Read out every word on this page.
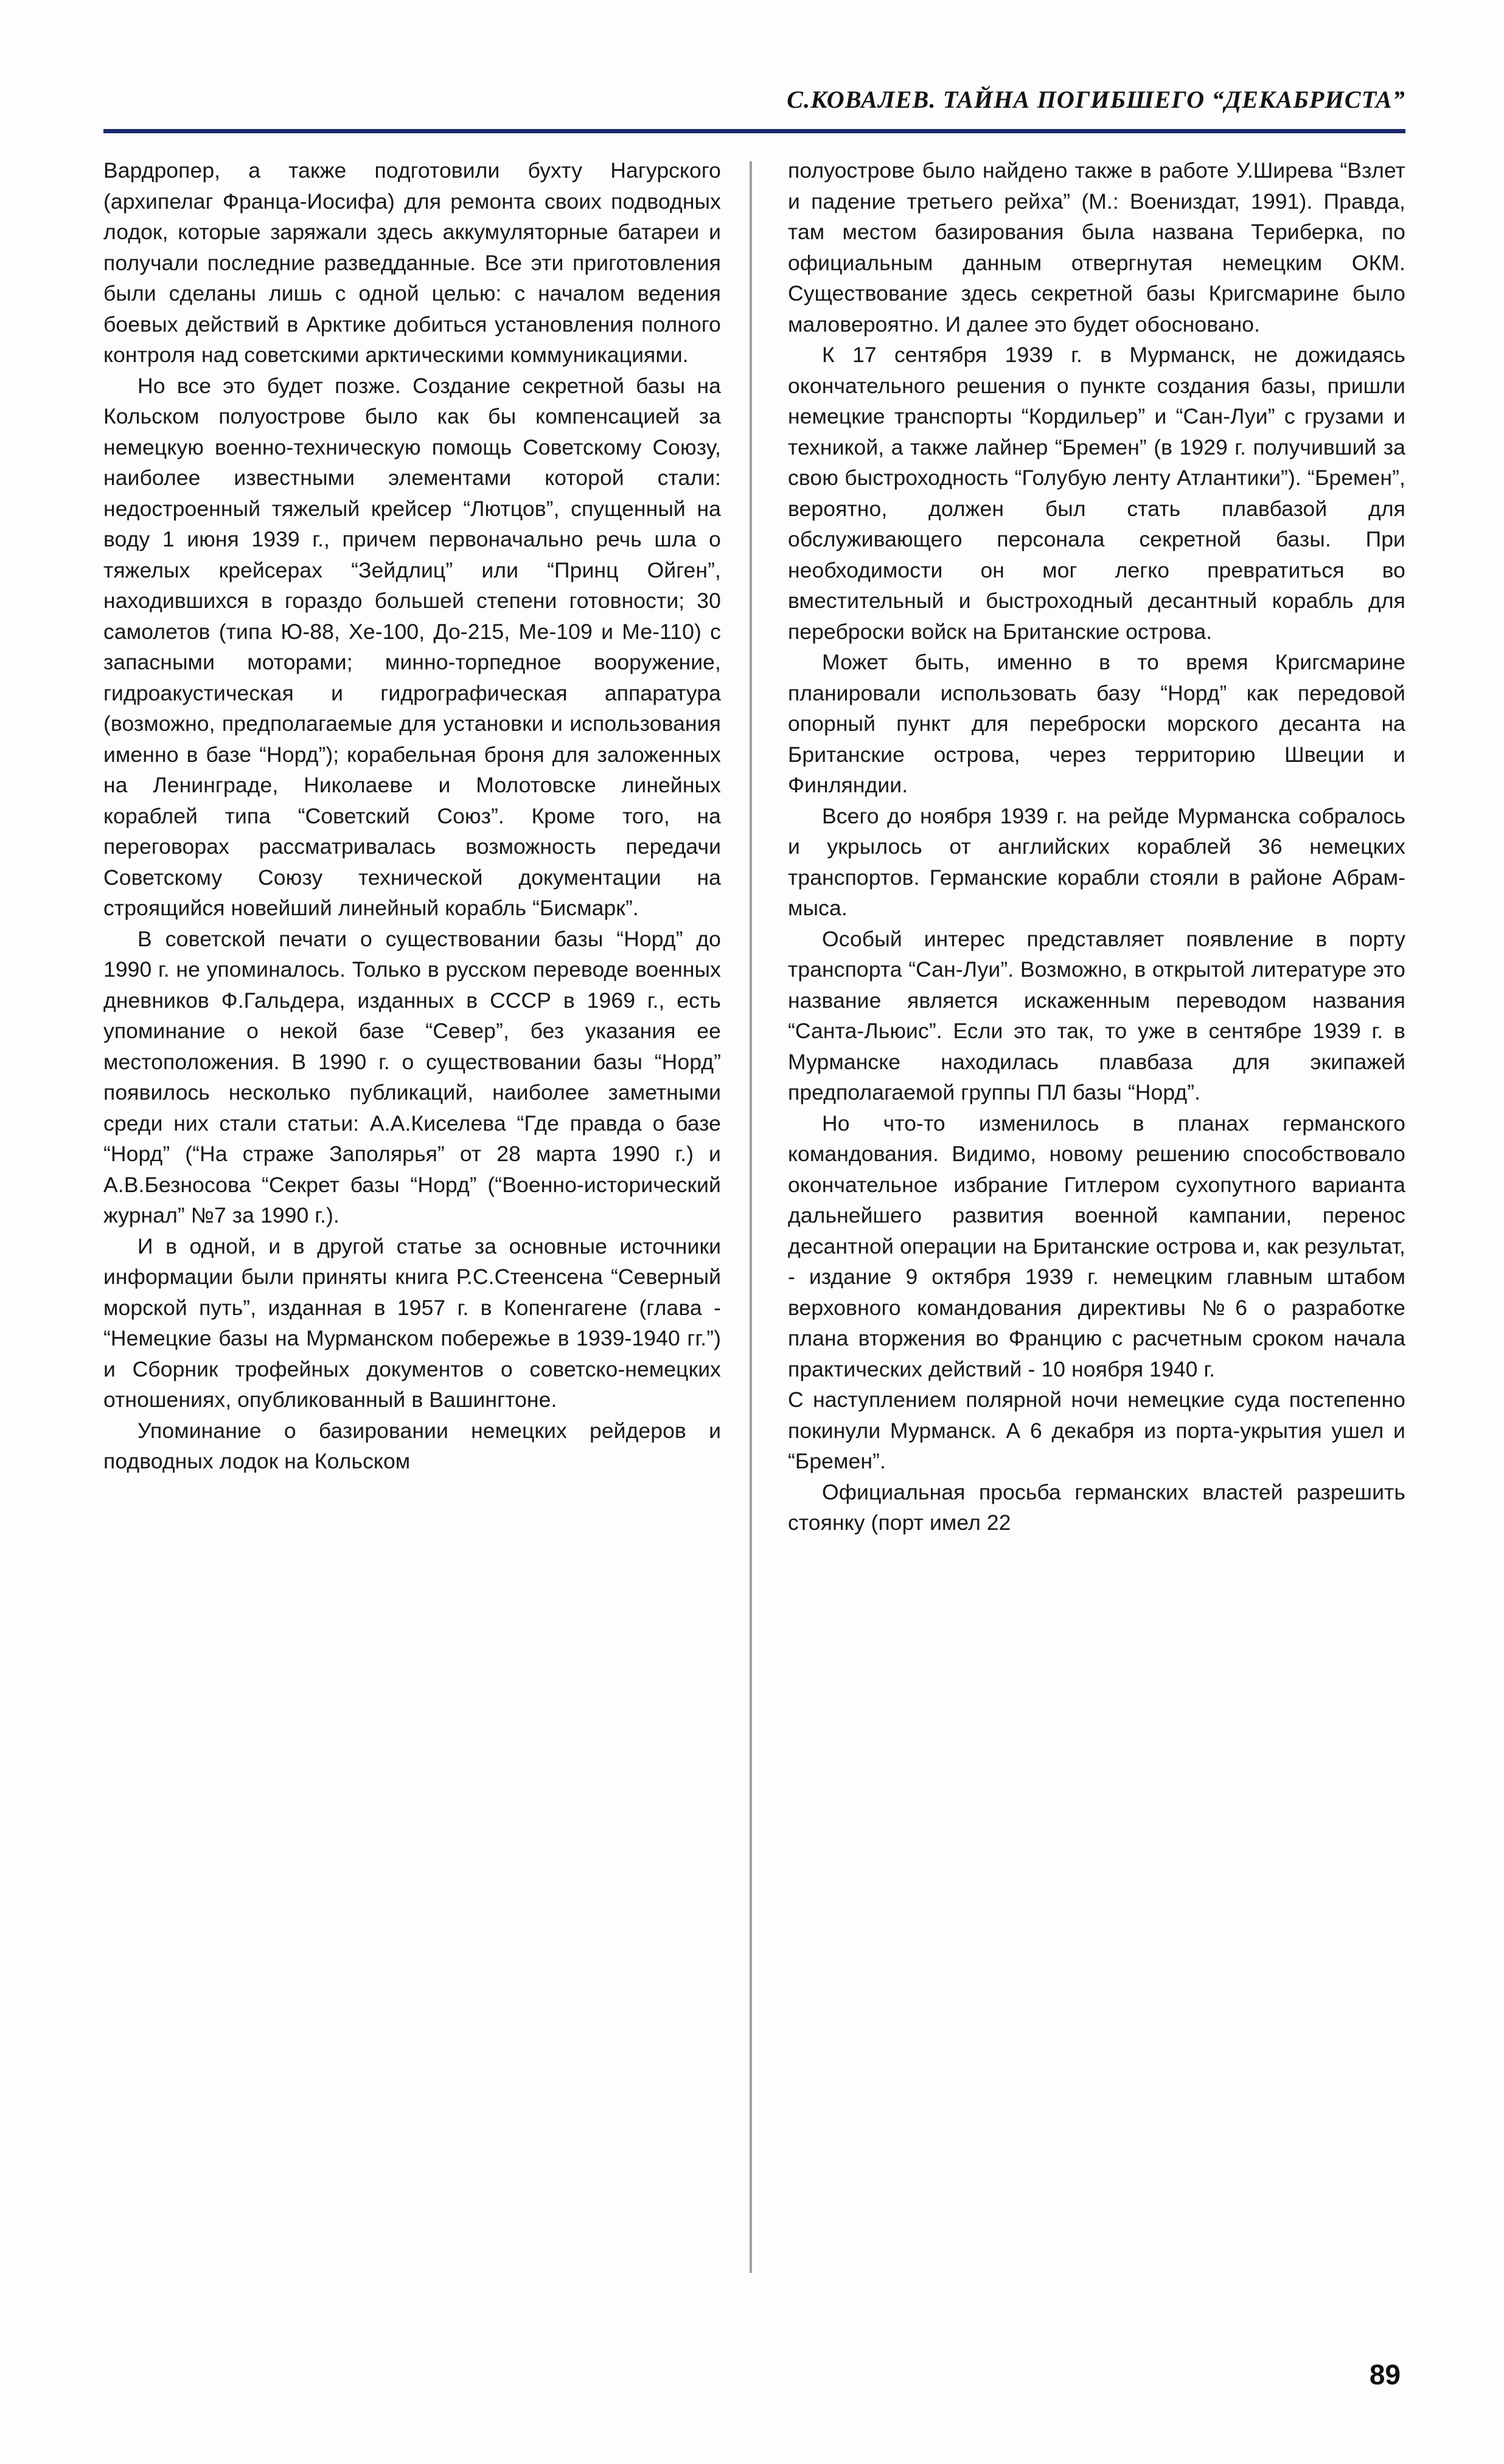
С.КОВАЛЕВ. ТАЙНА ПОГИБШЕГО “ДЕКАБРИСТА”

Вардропер, а также подготовили бухту Нагурского (архипелаг Франца-Иосифа) для ремонта своих подводных лодок, которые заряжали здесь аккумуляторные батареи и получали последние разведданные. Все эти приготовления были сделаны лишь с одной целью: с началом ведения боевых действий в Арктике добиться установления полного контроля над советскими арктическими коммуникациями.

Но все это будет позже. Создание секретной базы на Кольском полуострове было как бы компенсацией за немецкую военно-техническую помощь Советскому Союзу, наиболее известными элементами которой стали: недостроенный тяжелый крейсер “Лютцов”, спущенный на воду 1 июня 1939 г., причем первоначально речь шла о тяжелых крейсерах “Зейдлиц” или “Принц Ойген”, находившихся в гораздо большей степени готовности; 30 самолетов (типа Ю-88, Хе-100, До-215, Ме-109 и Ме-110) с запасными моторами; минно-торпедное вооружение, гидроакустическая и гидрографическая аппаратура (возможно, предполагаемые для установки и использования именно в базе “Норд”); корабельная броня для заложенных на Ленинграде, Николаеве и Молотовске линейных кораблей типа “Советский Союз”. Кроме того, на переговорах рассматривалась возможность передачи Советскому Союзу технической документации на строящийся новейший линейный корабль “Бисмарк”.

В советской печати о существовании базы “Норд” до 1990 г. не упоминалось. Только в русском переводе военных дневников Ф.Гальдера, изданных в СССР в 1969 г., есть упоминание о некой базе “Север”, без указания ее местоположения. В 1990 г. о существовании базы “Норд” появилось несколько публикаций, наиболее заметными среди них стали статьи: А.А.Киселева “Где правда о базе “Норд” (“На страже Заполярья” от 28 марта 1990 г.) и А.В.Безносова “Секрет базы “Норд” (“Военно-исторический журнал” №7 за 1990 г.).

И в одной, и в другой статье за основные источники информации были приняты книга Р.С.Стеенсена “Северный морской путь”, изданная в 1957 г. в Копенгагене (глава - “Немецкие базы на Мурманском побережье в 1939-1940 гг.”) и Сборник трофейных документов о советско-немецких отношениях, опубликованный в Вашингтоне.

Упоминание о базировании немецких рейдеров и подводных лодок на Кольском

полуострове было найдено также в работе У.Ширева “Взлет и падение третьего рейха” (М.: Воениздат, 1991). Правда, там местом базирования была названа Териберка, по официальным данным отвергнутая немецким ОКМ. Существование здесь секретной базы Кригсмарине было маловероятно. И далее это будет обосновано.

К 17 сентября 1939 г. в Мурманск, не дожидаясь окончательного решения о пункте создания базы, пришли немецкие транспорты “Кордильер” и “Сан-Луи” с грузами и техникой, а также лайнер “Бремен” (в 1929 г. получивший за свою быстроходность “Голубую ленту Атлантики”). “Бремен”, вероятно, должен был стать плавбазой для обслуживающего персонала секретной базы. При необходимости он мог легко превратиться во вместительный и быстроходный десантный корабль для переброски войск на Британские острова.

Может быть, именно в то время Кригсмарине планировали использовать базу “Норд” как передовой опорный пункт для переброски морского десанта на Британские острова, через территорию Швеции и Финляндии.

Всего до ноября 1939 г. на рейде Мурманска собралось и укрылось от английских кораблей 36 немецких транспортов. Германские корабли стояли в районе Абрам-мыса.

Особый интерес представляет появление в порту транспорта “Сан-Луи”. Возможно, в открытой литературе это название является искаженным переводом названия “Санта-Льюис”. Если это так, то уже в сентябре 1939 г. в Мурманске находилась плавбаза для экипажей предполагаемой группы ПЛ базы “Норд”.

Но что-то изменилось в планах германского командования. Видимо, новому решению способствовало окончательное избрание Гитлером сухопутного варианта дальнейшего развития военной кампании, перенос десантной операции на Британские острова и, как результат, - издание 9 октября 1939 г. немецким главным штабом верховного командования директивы №6 о разработке плана вторжения во Францию с расчетным сроком начала практических действий - 10 ноября 1940 г.

С наступлением полярной ночи немецкие суда постепенно покинули Мурманск. А 6 декабря из порта-укрытия ушел и “Бремен”.

Официальная просьба германских властей разрешить стоянку (порт имел 22

89
